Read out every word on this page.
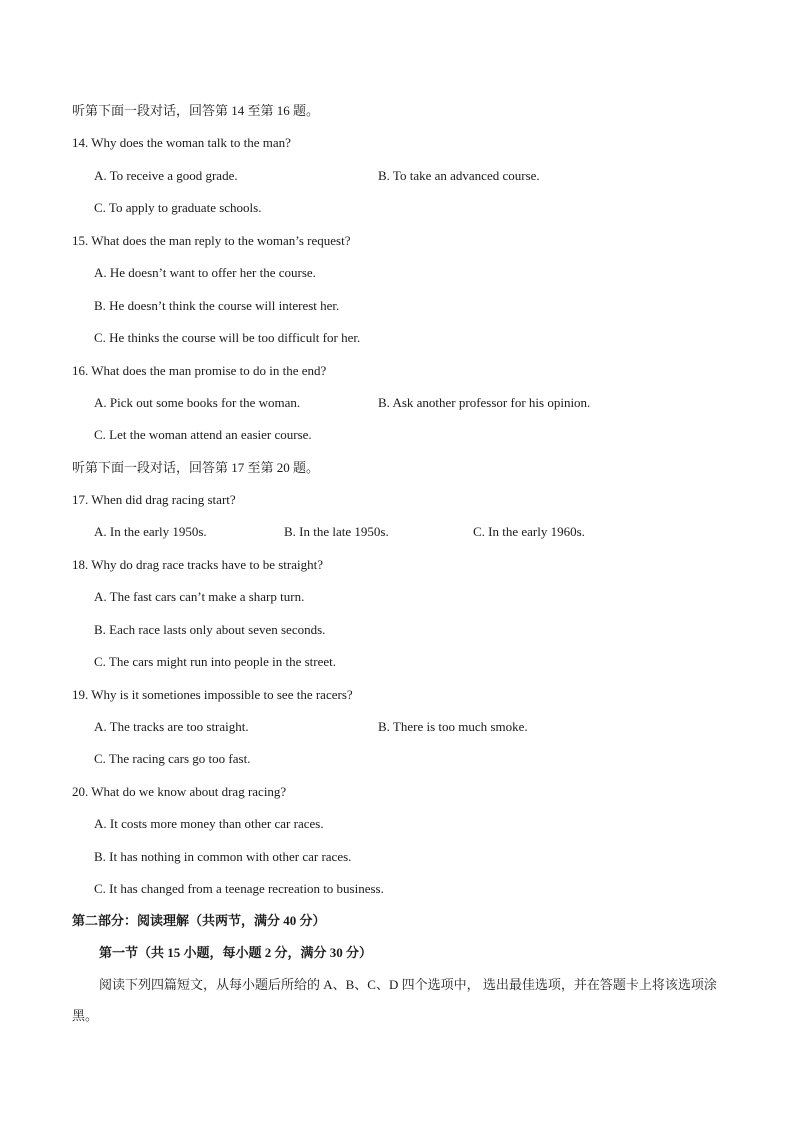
听第下面一段对话，回答第 14 至第 16 题。
14. Why does the woman talk to the man?
A. To receive a good grade.	B. To take an advanced course.
C. To apply to graduate schools.
15. What does the man reply to the woman’s request?
A. He doesn’t want to offer her the course.
B. He doesn’t think the course will interest her.
C. He thinks the course will be too difficult for her.
16. What does the man promise to do in the end?
A. Pick out some books for the woman.	B. Ask another professor for his opinion.
C. Let the woman attend an easier course.
听第下面一段对话，回答第 17 至第 20 题。
17. When did drag racing start?
A. In the early 1950s.	B. In the late 1950s.	C. In the early 1960s.
18. Why do drag race tracks have to be straight?
A. The fast cars can’t make a sharp turn.
B. Each race lasts only about seven seconds.
C. The cars might run into people in the street.
19. Why is it sometiones impossible to see the racers?
A. The tracks are too straight.	B. There is too much smoke.
C. The racing cars go too fast.
20. What do we know about drag racing?
A. It costs more money than other car races.
B. It has nothing in common with other car races.
C. It has changed from a teenage recreation to business.
第二部分：阅读理解（共两节，满分 40 分）
第一节（共 15 小题，每小题 2 分，满分 30 分）
阅读下列四篇短文，从每小题后所给的 A、B、C、D 四个选项中， 选出最佳选项，并在答题卡上将该选项涂黑。
